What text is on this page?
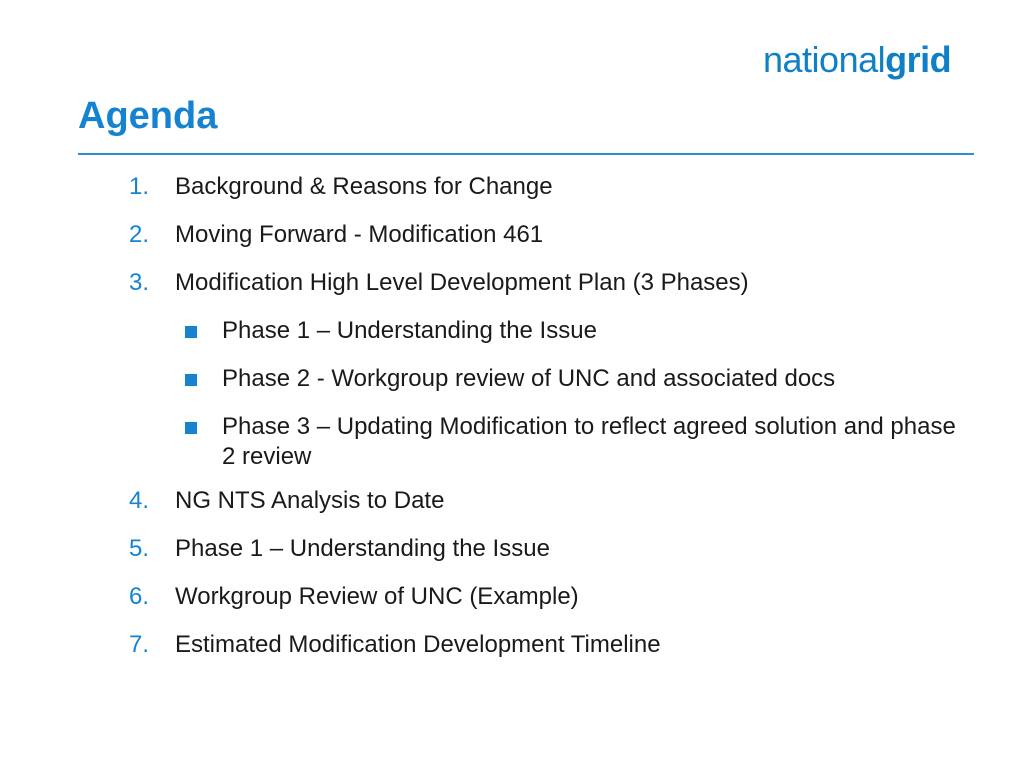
nationalgrid
Agenda
1. Background & Reasons for Change
2. Moving Forward - Modification 461
3. Modification High Level Development Plan (3 Phases)
Phase 1 – Understanding the Issue
Phase 2 - Workgroup review of UNC and associated docs
Phase 3 – Updating Modification to reflect agreed solution and phase 2 review
4. NG NTS Analysis to Date
5. Phase 1 – Understanding the Issue
6. Workgroup Review of UNC (Example)
7. Estimated Modification Development Timeline
